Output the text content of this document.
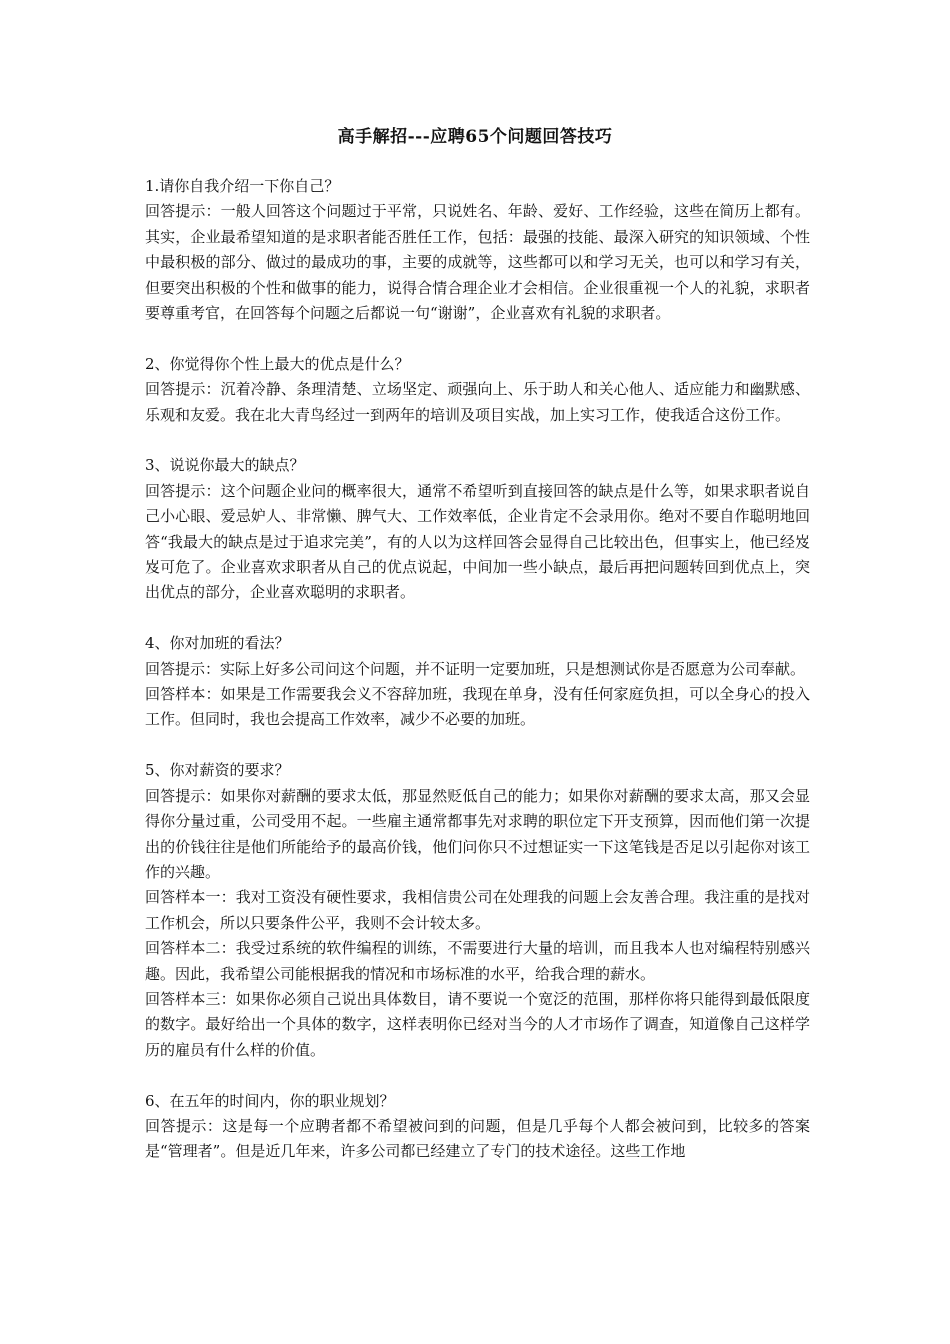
高手解招---应聘65个问题回答技巧

1.请你自我介绍一下你自己？

回答提示：一般人回答这个问题过于平常，只说姓名、年龄、爱好、工作经验，这些在简历上都有。其实，企业最希望知道的是求职者能否胜任工作，包括：最强的技能、最深入研究的知识领域、个性中最积极的部分、做过的最成功的事，主要的成就等，这些都可以和学习无关，也可以和学习有关，但要突出积极的个性和做事的能力，说得合情合理企业才会相信。企业很重视一个人的礼貌，求职者要尊重考官，在回答每个问题之后都说一句“谢谢”，企业喜欢有礼貌的求职者。

2、你觉得你个性上最大的优点是什么？

回答提示：沉着冷静、条理清楚、立场坚定、顽强向上、乐于助人和关心他人、适应能力和幽默感、乐观和友爱。我在北大青鸟经过一到两年的培训及项目实战，加上实习工作，使我适合这份工作。

3、说说你最大的缺点？

回答提示：这个问题企业问的概率很大，通常不希望听到直接回答的缺点是什么等，如果求职者说自己小心眼、爱忌妒人、非常懒、脾气大、工作效率低，企业肯定不会录用你。绝对不要自作聪明地回答“我最大的缺点是过于追求完美”，有的人以为这样回答会显得自己比较出色，但事实上，他已经岌岌可危了。企业喜欢求职者从自己的优点说起，中间加一些小缺点，最后再把问题转回到优点上，突出优点的部分，企业喜欢聪明的求职者。

4、你对加班的看法？

回答提示：实际上好多公司问这个问题，并不证明一定要加班，只是想测试你是否愿意为公司奉献。

回答样本：如果是工作需要我会义不容辞加班，我现在单身，没有任何家庭负担，可以全身心的投入工作。但同时，我也会提高工作效率，减少不必要的加班。

5、你对薪资的要求？

回答提示：如果你对薪酬的要求太低，那显然贬低自己的能力；如果你对薪酬的要求太高，那又会显得你分量过重，公司受用不起。一些雇主通常都事先对求聘的职位定下开支预算，因而他们第一次提出的价钱往往是他们所能给予的最高价钱，他们问你只不过想证实一下这笔钱是否足以引起你对该工作的兴趣。

回答样本一：我对工资没有硬性要求，我相信贵公司在处理我的问题上会友善合理。我注重的是找对工作机会，所以只要条件公平，我则不会计较太多。

回答样本二：我受过系统的软件编程的训练，不需要进行大量的培训，而且我本人也对编程特别感兴趣。因此，我希望公司能根据我的情况和市场标准的水平，给我合理的薪水。

回答样本三：如果你必须自己说出具体数目，请不要说一个宽泛的范围，那样你将只能得到最低限度的数字。最好给出一个具体的数字，这样表明你已经对当今的人才市场作了调查，知道像自己这样学历的雇员有什么样的价值。

6、在五年的时间内，你的职业规划？

回答提示：这是每一个应聘者都不希望被问到的问题，但是几乎每个人都会被问到，比较多的答案是“管理者”。但是近几年来，许多公司都已经建立了专门的技术途径。这些工作地
